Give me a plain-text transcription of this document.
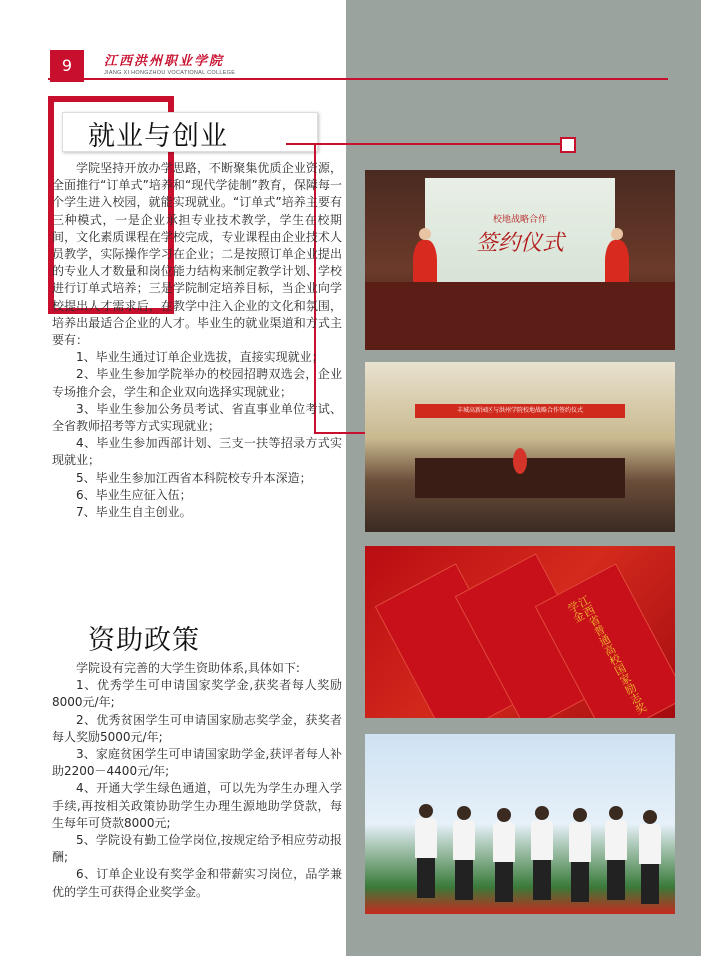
9	江西洪州职业学院
JIANG XI HONGZHOU VOCATIONAL COLLEGE
就业与创业

学院坚持开放办学思路，不断聚集优质企业资源，全面推行“订单式”培养和“现代学徒制”教育，保障每一个学生进入校园，就能实现就业。“订单式”培养主要有三种模式，一是企业承担专业技术教学，学生在校期间，文化素质课程在学校完成，专业课程由企业技术人员教学，实际操作学习在企业；二是按照订单企业提出的专业人才数量和岗位能力结构来制定教学计划、学校进行订单式培养；三是学院制定培养目标，当企业向学校提出人才需求后，在教学中注入企业的文化和氛围，培养出最适合企业的人才。毕业生的就业渠道和方式主要有：

1、毕业生通过订单企业选拔，直接实现就业；

2、毕业生参加学院举办的校园招聘双选会，企业专场推介会，学生和企业双向选择实现就业；

3、毕业生参加公务员考试、省直事业单位考试、全省教师招考等方式实现就业；

4、毕业生参加西部计划、三支一扶等招录方式实现就业；

5、毕业生参加江西省本科院校专升本深造；

6、毕业生应征入伍；

7、毕业生自主创业。

资助政策

学院设有完善的大学生资助体系,具体如下:

1、优秀学生可申请国家奖学金,获奖者每人奖励8000元/年;

2、优秀贫困学生可申请国家励志奖学金，获奖者每人奖励5000元/年;

3、家庭贫困学生可申请国家助学金,获评者每人补助2200－4400元/年;

4、开通大学生绿色通道，可以先为学生办理入学手续,再按相关政策协助学生办理生源地助学贷款，每生每年可贷款8000元;

5、学院设有勤工俭学岗位,按规定给予相应劳动报酬;

6、订单企业设有奖学金和带薪实习岗位，品学兼优的学生可获得企业奖学金。

校地战略合作
签约仪式
丰城高新园区与洪州学院校地战略合作签约仪式
江西省普通高校国家励志奖学金
